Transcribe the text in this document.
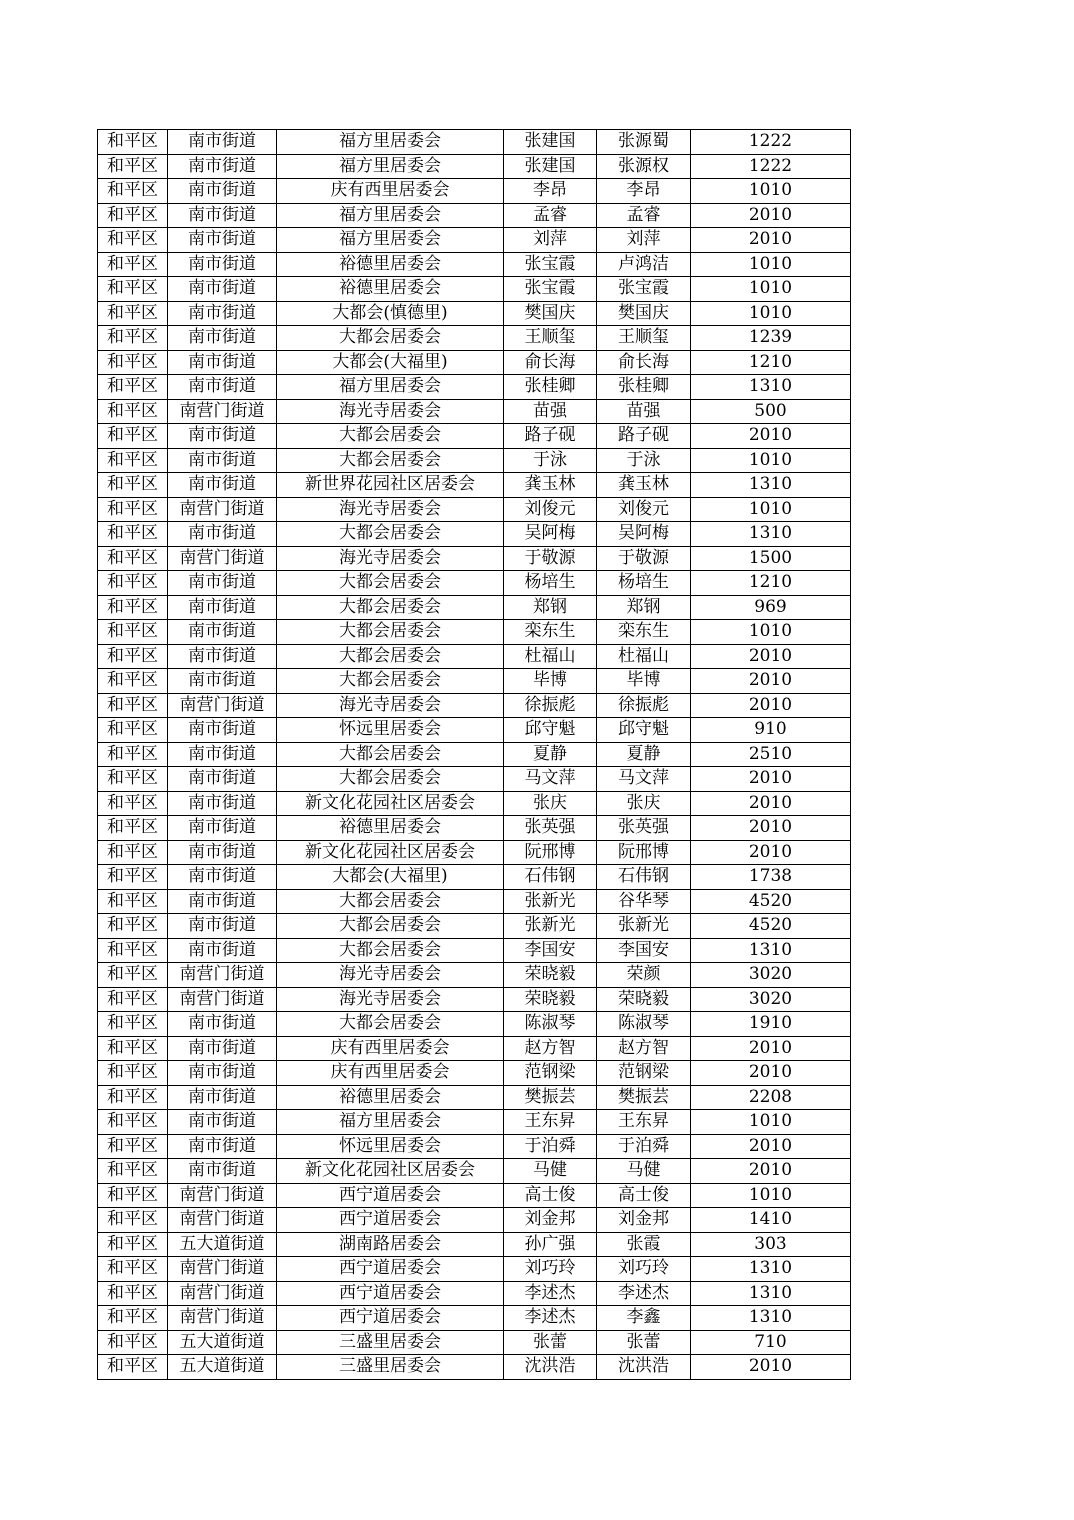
和平区	南市街道	福方里居委会	张建国	张源蜀	1222
和平区	南市街道	福方里居委会	张建国	张源权	1222
和平区	南市街道	庆有西里居委会	李昂	李昂	1010
和平区	南市街道	福方里居委会	孟睿	孟睿	2010
和平区	南市街道	福方里居委会	刘萍	刘萍	2010
和平区	南市街道	裕德里居委会	张宝霞	卢鸿洁	1010
和平区	南市街道	裕德里居委会	张宝霞	张宝霞	1010
和平区	南市街道	大都会(慎德里)	樊国庆	樊国庆	1010
和平区	南市街道	大都会居委会	王顺玺	王顺玺	1239
和平区	南市街道	大都会(大福里)	俞长海	俞长海	1210
和平区	南市街道	福方里居委会	张桂卿	张桂卿	1310
和平区	南营门街道	海光寺居委会	苗强	苗强	500
和平区	南市街道	大都会居委会	路子砚	路子砚	2010
和平区	南市街道	大都会居委会	于泳	于泳	1010
和平区	南市街道	新世界花园社区居委会	龚玉林	龚玉林	1310
和平区	南营门街道	海光寺居委会	刘俊元	刘俊元	1010
和平区	南市街道	大都会居委会	吴阿梅	吴阿梅	1310
和平区	南营门街道	海光寺居委会	于敬源	于敬源	1500
和平区	南市街道	大都会居委会	杨培生	杨培生	1210
和平区	南市街道	大都会居委会	郑钢	郑钢	969
和平区	南市街道	大都会居委会	栾东生	栾东生	1010
和平区	南市街道	大都会居委会	杜福山	杜福山	2010
和平区	南市街道	大都会居委会	毕博	毕博	2010
和平区	南营门街道	海光寺居委会	徐振彪	徐振彪	2010
和平区	南市街道	怀远里居委会	邱守魁	邱守魁	910
和平区	南市街道	大都会居委会	夏静	夏静	2510
和平区	南市街道	大都会居委会	马文萍	马文萍	2010
和平区	南市街道	新文化花园社区居委会	张庆	张庆	2010
和平区	南市街道	裕德里居委会	张英强	张英强	2010
和平区	南市街道	新文化花园社区居委会	阮邢博	阮邢博	2010
和平区	南市街道	大都会(大福里)	石伟钢	石伟钢	1738
和平区	南市街道	大都会居委会	张新光	谷华琴	4520
和平区	南市街道	大都会居委会	张新光	张新光	4520
和平区	南市街道	大都会居委会	李国安	李国安	1310
和平区	南营门街道	海光寺居委会	荣晓毅	荣颜	3020
和平区	南营门街道	海光寺居委会	荣晓毅	荣晓毅	3020
和平区	南市街道	大都会居委会	陈淑琴	陈淑琴	1910
和平区	南市街道	庆有西里居委会	赵方智	赵方智	2010
和平区	南市街道	庆有西里居委会	范钢梁	范钢梁	2010
和平区	南市街道	裕德里居委会	樊振芸	樊振芸	2208
和平区	南市街道	福方里居委会	王东昇	王东昇	1010
和平区	南市街道	怀远里居委会	于泊舜	于泊舜	2010
和平区	南市街道	新文化花园社区居委会	马健	马健	2010
和平区	南营门街道	西宁道居委会	高士俊	高士俊	1010
和平区	南营门街道	西宁道居委会	刘金邦	刘金邦	1410
和平区	五大道街道	湖南路居委会	孙广强	张霞	303
和平区	南营门街道	西宁道居委会	刘巧玲	刘巧玲	1310
和平区	南营门街道	西宁道居委会	李述杰	李述杰	1310
和平区	南营门街道	西宁道居委会	李述杰	李鑫	1310
和平区	五大道街道	三盛里居委会	张蕾	张蕾	710
和平区	五大道街道	三盛里居委会	沈洪浩	沈洪浩	2010
